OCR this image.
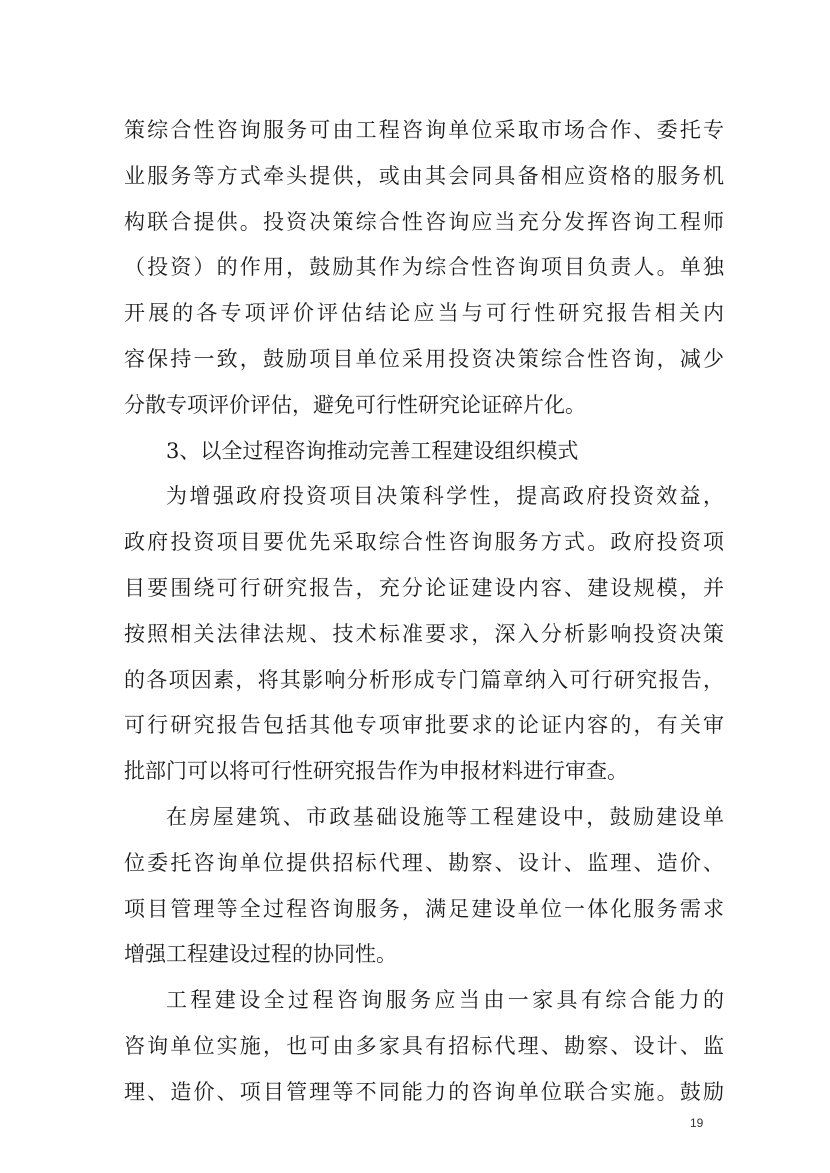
策综合性咨询服务可由工程咨询单位采取市场合作、委托专
业服务等方式牵头提供，或由其会同具备相应资格的服务机
构联合提供。投资决策综合性咨询应当充分发挥咨询工程师
（投资）的作用，鼓励其作为综合性咨询项目负责人。单独
开展的各专项评价评估结论应当与可行性研究报告相关内
容保持一致，鼓励项目单位采用投资决策综合性咨询，减少
分散专项评价评估，避免可行性研究论证碎片化。
3、以全过程咨询推动完善工程建设组织模式
为增强政府投资项目决策科学性，提高政府投资效益，
政府投资项目要优先采取综合性咨询服务方式。政府投资项
目要围绕可行研究报告，充分论证建设内容、建设规模，并
按照相关法律法规、技术标准要求，深入分析影响投资决策
的各项因素，将其影响分析形成专门篇章纳入可行研究报告，
可行研究报告包括其他专项审批要求的论证内容的，有关审
批部门可以将可行性研究报告作为申报材料进行审查。
在房屋建筑、市政基础设施等工程建设中，鼓励建设单
位委托咨询单位提供招标代理、勘察、设计、监理、造价、
项目管理等全过程咨询服务，满足建设单位一体化服务需求
增强工程建设过程的协同性。
工程建设全过程咨询服务应当由一家具有综合能力的
咨询单位实施，也可由多家具有招标代理、勘察、设计、监
理、造价、项目管理等不同能力的咨询单位联合实施。鼓励
19
